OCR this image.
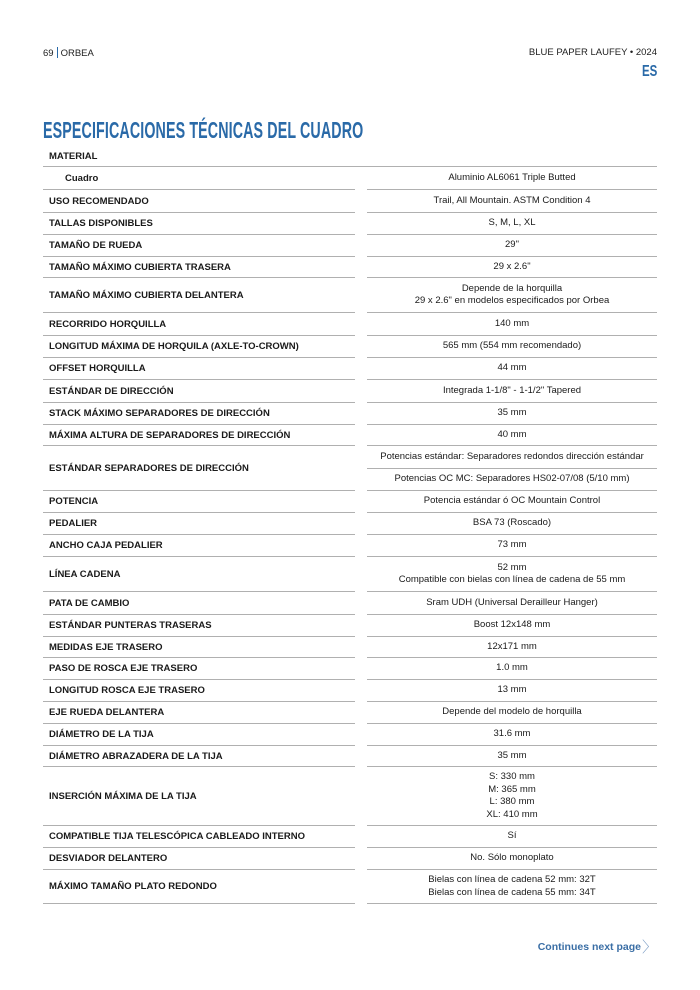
69 ORBEA	BLUE PAPER LAUFEY • 2024
ES
ESPECIFICACIONES TÉCNICAS DEL CUADRO
MATERIAL		
Cuadro		Aluminio AL6061 Triple Butted

USO RECOMENDADO		Trail, All Mountain. ASTM Condition 4

TALLAS DISPONIBLES		S, M, L, XL

TAMAÑO DE RUEDA		29"

TAMAÑO MÁXIMO CUBIERTA TRASERA		29 x 2.6"

TAMAÑO MÁXIMO CUBIERTA DELANTERA		Depende de la horquilla
29 x 2.6" en modelos especificados por Orbea

RECORRIDO HORQUILLA		140 mm

LONGITUD MÁXIMA DE HORQUILA (AXLE-TO-CROWN)		565 mm (554 mm recomendado)

OFFSET HORQUILLA		44 mm

ESTÁNDAR DE DIRECCIÓN		Integrada 1-1/8" - 1-1/2" Tapered

STACK MÁXIMO SEPARADORES DE DIRECCIÓN		35 mm

MÁXIMA ALTURA DE SEPARADORES DE DIRECCIÓN		40 mm

ESTÁNDAR SEPARADORES DE DIRECCIÓN		Potencias estándar: Separadores redondos dirección estándar

		Potencias OC MC: Separadores HS02-07/08 (5/10 mm)

POTENCIA		Potencia estándar ó OC Mountain Control

PEDALIER		BSA 73 (Roscado)

ANCHO CAJA PEDALIER		73 mm

LÍNEA CADENA		52 mm
Compatible con bielas con línea de cadena de 55 mm

PATA DE CAMBIO		Sram UDH (Universal Derailleur Hanger)

ESTÁNDAR PUNTERAS TRASERAS		Boost 12x148 mm

MEDIDAS EJE TRASERO		12x171 mm

PASO DE ROSCA EJE TRASERO		1.0 mm

LONGITUD ROSCA EJE TRASERO		13 mm

EJE RUEDA DELANTERA		Depende del modelo de horquilla

DIÁMETRO DE LA TIJA		31.6 mm

DIÁMETRO ABRAZADERA DE LA TIJA		35 mm

INSERCIÓN MÁXIMA DE LA TIJA		S: 330 mm
M: 365 mm
L: 380 mm
XL: 410 mm

COMPATIBLE TIJA TELESCÓPICA CABLEADO INTERNO		Sí

DESVIADOR DELANTERO		No. Sólo monoplato

MÁXIMO TAMAÑO PLATO REDONDO		Bielas con línea de cadena 52 mm: 32T
Bielas con línea de cadena 55 mm: 34T
Continues next page〉
